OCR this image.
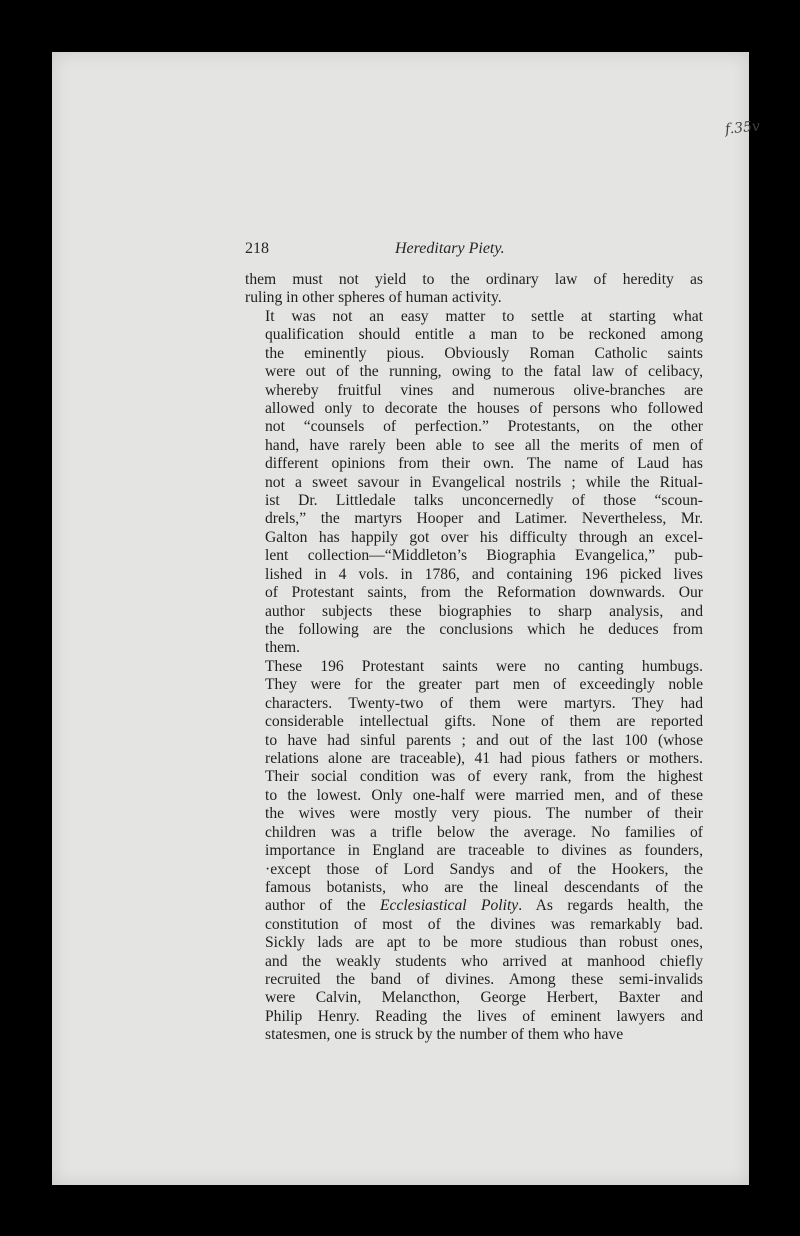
f.35v
218	Hereditary Piety.

them must not yield to the ordinary law of heredity as
ruling in other spheres of human activity.

It was not an easy matter to settle at starting what
qualification should entitle a man to be reckoned among
the eminently pious. Obviously Roman Catholic saints
were out of the running, owing to the fatal law of celibacy,
whereby fruitful vines and numerous olive-branches are
allowed only to decorate the houses of persons who followed
not “counsels of perfection.” Protestants, on the other
hand, have rarely been able to see all the merits of men of
different opinions from their own. The name of Laud has
not a sweet savour in Evangelical nostrils ; while the Ritual-
ist Dr. Littledale talks unconcernedly of those “scoun-
drels,” the martyrs Hooper and Latimer. Nevertheless, Mr.
Galton has happily got over his difficulty through an excel-
lent collection—“Middleton’s Biographia Evangelica,” pub-
lished in 4 vols. in 1786, and containing 196 picked lives
of Protestant saints, from the Reformation downwards. Our
author subjects these biographies to sharp analysis, and
the following are the conclusions which he deduces from
them.

These 196 Protestant saints were no canting humbugs.
They were for the greater part men of exceedingly noble
characters. Twenty-two of them were martyrs. They had
considerable intellectual gifts. None of them are reported
to have had sinful parents ; and out of the last 100 (whose
relations alone are traceable), 41 had pious fathers or mothers.
Their social condition was of every rank, from the highest
to the lowest. Only one-half were married men, and of these
the wives were mostly very pious. The number of their
children was a trifle below the average. No families of
importance in England are traceable to divines as founders,
·except those of Lord Sandys and of the Hookers, the
famous botanists, who are the lineal descendants of the
author of the Ecclesiastical Polity. As regards health, the
constitution of most of the divines was remarkably bad.
Sickly lads are apt to be more studious than robust ones,
and the weakly students who arrived at manhood chiefly
recruited the band of divines. Among these semi-invalids
were Calvin, Melancthon, George Herbert, Baxter and
Philip Henry. Reading the lives of eminent lawyers and
statesmen, one is struck by the number of them who have
